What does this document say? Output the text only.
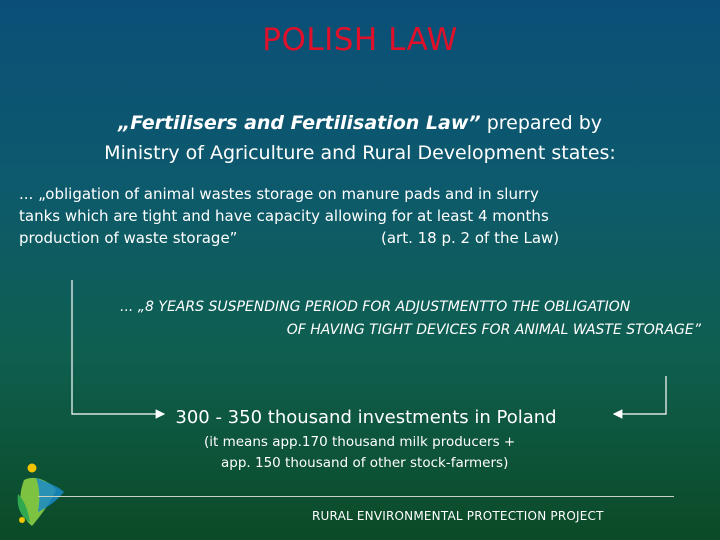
POLISH LAW
„Fertilisers and Fertilisation Law” prepared by
Ministry of Agriculture and Rural Development states:
... „obligation of animal wastes storage on manure pads and in slurry
tanks which are tight and have capacity allowing for at least 4 months
production of waste storage”	(art. 18 p. 2 of the Law)
... „8 YEARS SUSPENDING PERIOD FOR ADJUSTMENTTO THE OBLIGATION
OF HAVING TIGHT DEVICES FOR ANIMAL WASTE STORAGE”
300 - 350 thousand investments in Poland
(it means app.170 thousand milk producers +
app. 150 thousand of other stock-farmers)
RURAL ENVIRONMENTAL PROTECTION PROJECT
